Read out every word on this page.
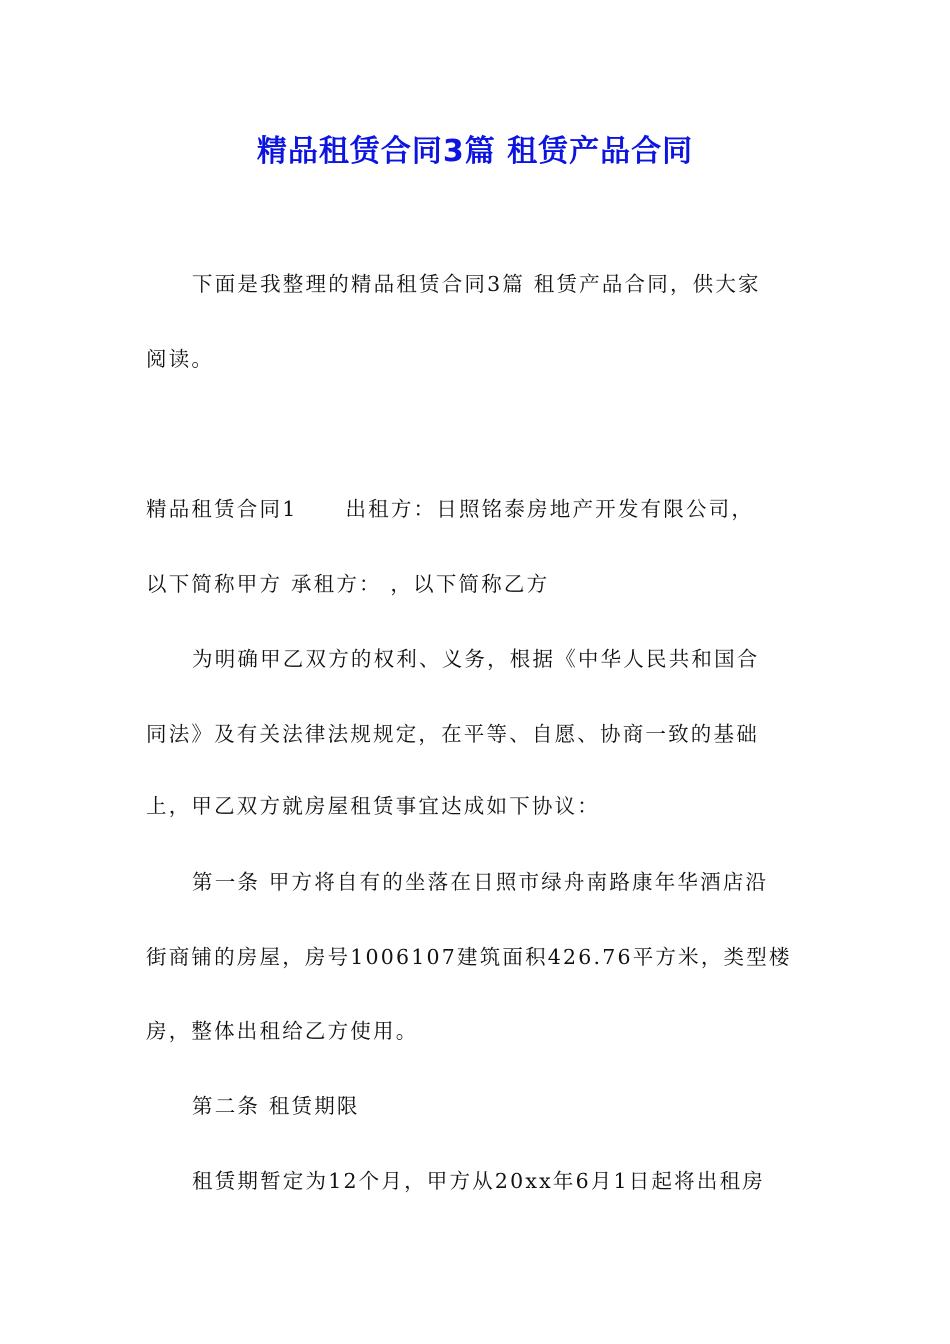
精品租赁合同3篇 租赁产品合同
下面是我整理的精品租赁合同3篇 租赁产品合同，供大家
阅读。
精品租赁合同1 出租方：日照铭泰房地产开发有限公司，
以下简称甲方 承租方： ，以下简称乙方
为明确甲乙双方的权利、义务，根据《中华人民共和国合
同法》及有关法律法规规定，在平等、自愿、协商一致的基础
上，甲乙双方就房屋租赁事宜达成如下协议：
第一条 甲方将自有的坐落在日照市绿舟南路康年华酒店沿
街商铺的房屋，房号1006107建筑面积426.76平方米，类型楼
房，整体出租给乙方使用。
第二条 租赁期限
租赁期暂定为12个月，甲方从20xx年6月1日起将出租房
